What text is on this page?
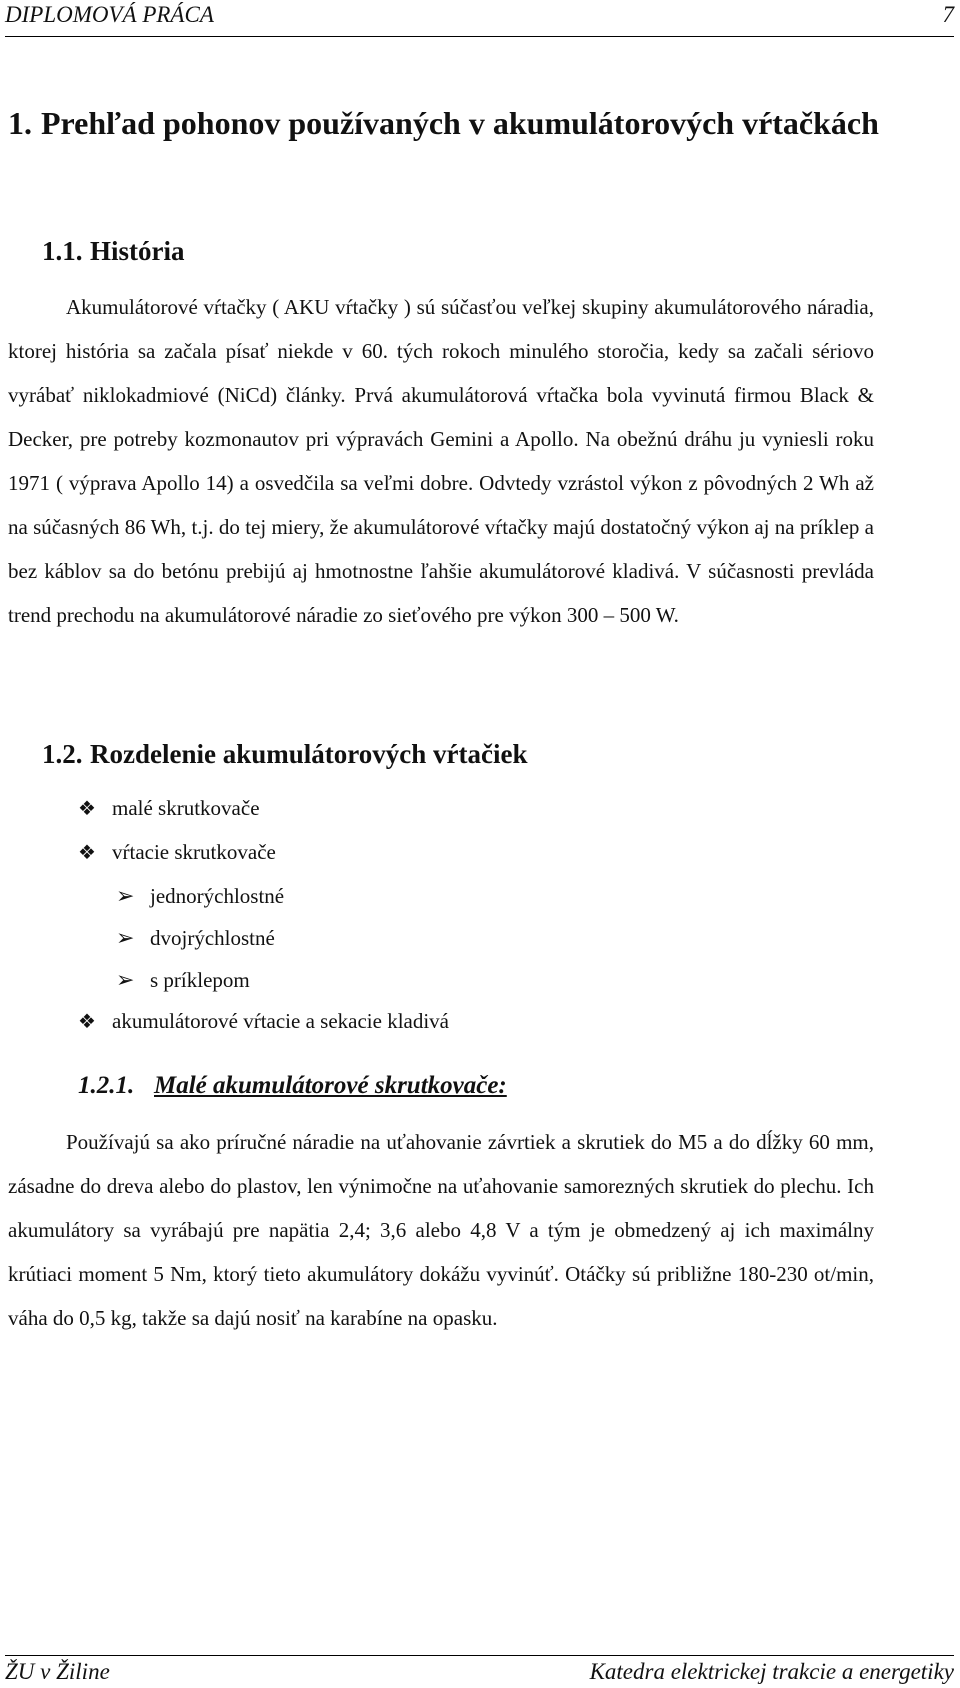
DIPLOMOVÁ PRÁCA	7
1. Prehľad pohonov používaných v akumulátorových vŕtačkách
1.1. História

Akumulátorové vŕtačky ( AKU vŕtačky ) sú súčasťou veľkej skupiny akumulátorového náradia, ktorej história sa začala písať niekde v 60. tých rokoch minulého storočia, kedy sa začali sériovo vyrábať niklokadmiové (NiCd) články. Prvá akumulátorová vŕtačka bola vyvinutá firmou Black & Decker, pre potreby kozmonautov pri výpravách Gemini a Apollo. Na obežnú dráhu ju vyniesli roku 1971 ( výprava Apollo 14) a osvedčila sa veľmi dobre. Odvtedy vzrástol výkon z pôvodných 2 Wh až na súčasných 86 Wh, t.j. do tej miery, že akumulátorové vŕtačky majú dostatočný výkon aj na príklep a bez káblov sa do betónu prebijú aj hmotnostne ľahšie akumulátorové kladivá. V súčasnosti prevláda trend prechodu na akumulátorové náradie zo sieťového pre výkon 300 – 500 W.

1.2. Rozdelenie akumulátorových vŕtačiek
❖ malé skrutkovače
❖ vŕtacie skrutkovače
➢ jednorýchlostné
➢ dvojrýchlostné
➢ s príklepom
❖ akumulátorové vŕtacie a sekacie kladivá
1.2.1. Malé akumulátorové skrutkovače:

Používajú sa ako príručné náradie na uťahovanie závrtiek a skrutiek do M5 a do dĺžky 60 mm, zásadne do dreva alebo do plastov, len výnimočne na uťahovanie samorezných skrutiek do plechu. Ich akumulátory sa vyrábajú pre napätia 2,4; 3,6 alebo 4,8 V a tým je obmedzený aj ich maximálny krútiaci moment 5 Nm, ktorý tieto akumulátory dokážu vyvinúť. Otáčky sú približne 180-230 ot/min, váha do 0,5 kg, takže sa dajú nosiť na karabíne na opasku.

ŽU v Žiline	Katedra elektrickej trakcie a energetiky
